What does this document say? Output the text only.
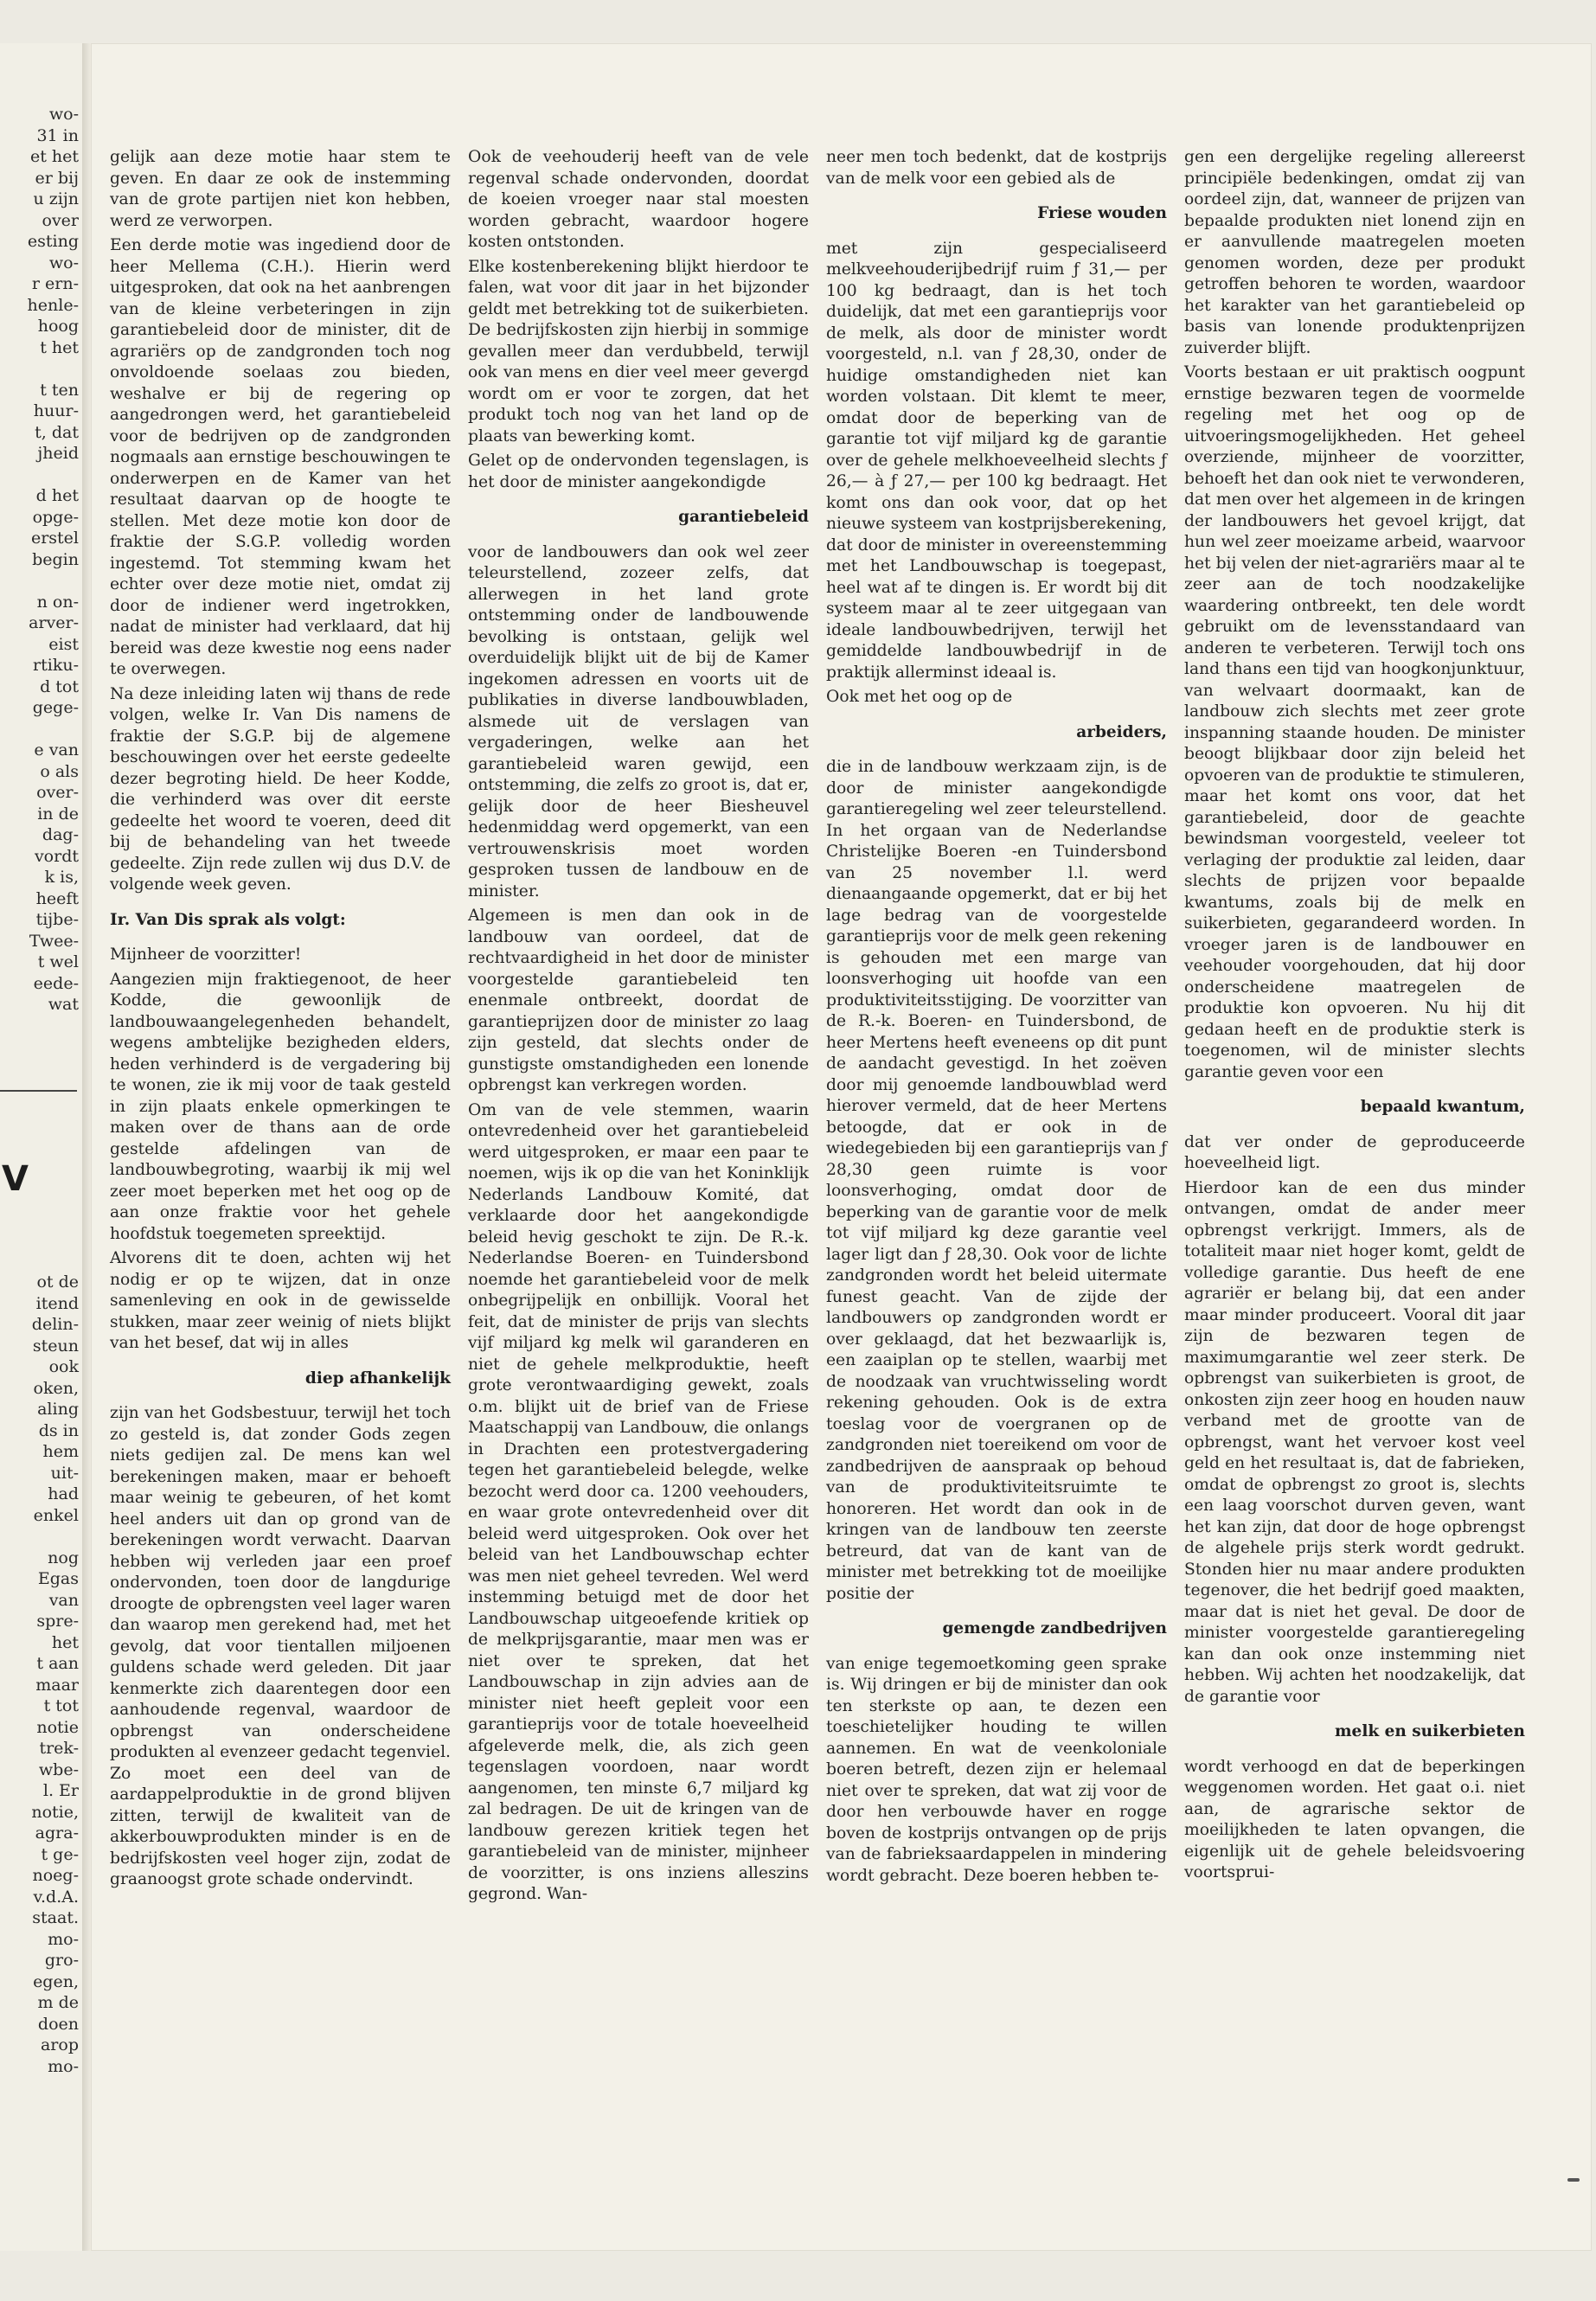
wo-
31 in
et het
er bij
u zijn
over
esting
wo-
r ern-
henle-
hoog
t het
t ten
huur-
t, dat
jheid
d het
opge-
erstel
begin
n on-
arver-
eist
rtiku-
d tot
gege-
e van
o als
over-
in de
dag-
vordt
k is,
heeft
tijbe-
Twee-
t wel
eede-
wat
V
ot de
itend
delin-
steun
ook
oken,
aling
ds in
hem
uit-
had
enkel
nog
Egas
van
spre-
het
t aan
maar
t tot
notie
trek-
wbe-
l. Er
notie,
agra-
t ge-
noeg-
v.d.A.
staat.
mo-
gro-
egen,
m de
doen
arop
mo-

gelijk aan deze motie haar stem te geven. En daar ze ook de instemming van de grote partijen niet kon hebben, werd ze verworpen.

Een derde motie was ingediend door de heer Mellema (C.H.). Hierin werd uitgesproken, dat ook na het aanbrengen van de kleine verbeteringen in zijn garantiebeleid door de minister, dit de agrariërs op de zandgronden toch nog onvoldoende soelaas zou bieden, weshalve er bij de regering op aangedrongen werd, het garantiebeleid voor de bedrijven op de zandgronden nogmaals aan ernstige beschouwingen te onderwerpen en de Kamer van het resultaat daarvan op de hoogte te stellen. Met deze motie kon door de fraktie der S.G.P. volledig worden ingestemd. Tot stemming kwam het echter over deze motie niet, omdat zij door de indiener werd ingetrokken, nadat de minister had verklaard, dat hij bereid was deze kwestie nog eens nader te overwegen.

Na deze inleiding laten wij thans de rede volgen, welke Ir. Van Dis namens de fraktie der S.G.P. bij de algemene beschouwingen over het eerste gedeelte dezer begroting hield. De heer Kodde, die verhinderd was over dit eerste gedeelte het woord te voeren, deed dit bij de behandeling van het tweede gedeelte. Zijn rede zullen wij dus D.V. de volgende week geven.

Ir. Van Dis sprak als volgt:

Mijnheer de voorzitter!

Aangezien mijn fraktiegenoot, de heer Kodde, die gewoonlijk de landbouwaangelegenheden behandelt, wegens ambtelijke bezigheden elders, heden verhinderd is de vergadering bij te wonen, zie ik mij voor de taak gesteld in zijn plaats enkele opmerkingen te maken over de thans aan de orde gestelde afdelingen van de landbouwbegroting, waarbij ik mij wel zeer moet beperken met het oog op de aan onze fraktie voor het gehele hoofdstuk toegemeten spreektijd.

Alvorens dit te doen, achten wij het nodig er op te wijzen, dat in onze samenleving en ook in de gewisselde stukken, maar zeer weinig of niets blijkt van het besef, dat wij in alles

diep afhankelijk

zijn van het Godsbestuur, terwijl het toch zo gesteld is, dat zonder Gods zegen niets gedijen zal. De mens kan wel berekeningen maken, maar er behoeft maar weinig te gebeuren, of het komt heel anders uit dan op grond van de berekeningen wordt verwacht. Daarvan hebben wij verleden jaar een proef ondervonden, toen door de langdurige droogte de opbrengsten veel lager waren dan waarop men gerekend had, met het gevolg, dat voor tientallen miljoenen guldens schade werd geleden. Dit jaar kenmerkte zich daarentegen door een aanhoudende regenval, waardoor de opbrengst van onderscheidene produkten al evenzeer gedacht tegenviel. Zo moet een deel van de aardappelproduktie in de grond blijven zitten, terwijl de kwaliteit van de akkerbouwprodukten minder is en de bedrijfskosten veel hoger zijn, zodat de graanoogst grote schade ondervindt.

Ook de veehouderij heeft van de vele regenval schade ondervonden, doordat de koeien vroeger naar stal moesten worden gebracht, waardoor hogere kosten ontstonden.

Elke kostenberekening blijkt hierdoor te falen, wat voor dit jaar in het bijzonder geldt met betrekking tot de suikerbieten. De bedrijfskosten zijn hierbij in sommige gevallen meer dan verdubbeld, terwijl ook van mens en dier veel meer gevergd wordt om er voor te zorgen, dat het produkt toch nog van het land op de plaats van bewerking komt.

Gelet op de ondervonden tegenslagen, is het door de minister aangekondigde

garantiebeleid

voor de landbouwers dan ook wel zeer teleurstellend, zozeer zelfs, dat allerwegen in het land grote ontstemming onder de landbouwende bevolking is ontstaan, gelijk wel overduidelijk blijkt uit de bij de Kamer ingekomen adressen en voorts uit de publikaties in diverse landbouwbladen, alsmede uit de verslagen van vergaderingen, welke aan het garantiebeleid waren gewijd, een ontstemming, die zelfs zo groot is, dat er, gelijk door de heer Biesheuvel hedenmiddag werd opgemerkt, van een vertrouwenskrisis moet worden gesproken tussen de landbouw en de minister.

Algemeen is men dan ook in de landbouw van oordeel, dat de rechtvaardigheid in het door de minister voorgestelde garantiebeleid ten enenmale ontbreekt, doordat de garantieprijzen door de minister zo laag zijn gesteld, dat slechts onder de gunstigste omstandigheden een lonende opbrengst kan verkregen worden.

Om van de vele stemmen, waarin ontevredenheid over het garantiebeleid werd uitgesproken, er maar een paar te noemen, wijs ik op die van het Koninklijk Nederlands Landbouw Komité, dat verklaarde door het aangekondigde beleid hevig geschokt te zijn. De R.-k. Nederlandse Boeren- en Tuindersbond noemde het garantiebeleid voor de melk onbegrijpelijk en onbillijk. Vooral het feit, dat de minister de prijs van slechts vijf miljard kg melk wil garanderen en niet de gehele melkproduktie, heeft grote verontwaardiging gewekt, zoals o.m. blijkt uit de brief van de Friese Maatschappij van Landbouw, die onlangs in Drachten een protestvergadering tegen het garantiebeleid belegde, welke bezocht werd door ca. 1200 veehouders, en waar grote ontevredenheid over dit beleid werd uitgesproken. Ook over het beleid van het Landbouwschap echter was men niet geheel tevreden. Wel werd instemming betuigd met de door het Landbouwschap uitgeoefende kritiek op de melkprijsgarantie, maar men was er niet over te spreken, dat het Landbouwschap in zijn advies aan de minister niet heeft gepleit voor een garantieprijs voor de totale hoeveelheid afgeleverde melk, die, als zich geen tegenslagen voordoen, naar wordt aangenomen, ten minste 6,7 miljard kg zal bedragen. De uit de kringen van de landbouw gerezen kritiek tegen het garantiebeleid van de minister, mijnheer de voorzitter, is ons inziens alleszins gegrond. Wan-

neer men toch bedenkt, dat de kostprijs van de melk voor een gebied als de

Friese wouden

met zijn gespecialiseerd melkveehouderijbedrijf ruim ƒ 31,— per 100 kg bedraagt, dan is het toch duidelijk, dat met een garantieprijs voor de melk, als door de minister wordt voorgesteld, n.l. van ƒ 28,30, onder de huidige omstandigheden niet kan worden volstaan. Dit klemt te meer, omdat door de beperking van de garantie tot vijf miljard kg de garantie over de gehele melkhoeveelheid slechts ƒ 26,— à ƒ 27,— per 100 kg bedraagt. Het komt ons dan ook voor, dat op het nieuwe systeem van kostprijsberekening, dat door de minister in overeenstemming met het Landbouwschap is toegepast, heel wat af te dingen is. Er wordt bij dit systeem maar al te zeer uitgegaan van ideale landbouwbedrijven, terwijl het gemiddelde landbouwbedrijf in de praktijk allerminst ideaal is.

Ook met het oog op de

arbeiders,

die in de landbouw werkzaam zijn, is de door de minister aangekondigde garantieregeling wel zeer teleurstellend. In het orgaan van de Nederlandse Christelijke Boeren -en Tuindersbond van 25 november l.l. werd dienaangaande opgemerkt, dat er bij het lage bedrag van de voorgestelde garantieprijs voor de melk geen rekening is gehouden met een marge van loonsverhoging uit hoofde van een produktiviteitsstijging. De voorzitter van de R.-k. Boeren- en Tuindersbond, de heer Mertens heeft eveneens op dit punt de aandacht gevestigd. In het zoëven door mij genoemde landbouwblad werd hierover vermeld, dat de heer Mertens betoogde, dat er ook in de wiedegebieden bij een garantieprijs van ƒ 28,30 geen ruimte is voor loonsverhoging, omdat door de beperking van de garantie voor de melk tot vijf miljard kg deze garantie veel lager ligt dan ƒ 28,30. Ook voor de lichte zandgronden wordt het beleid uitermate funest geacht. Van de zijde der landbouwers op zandgronden wordt er over geklaagd, dat het bezwaarlijk is, een zaaiplan op te stellen, waarbij met de noodzaak van vruchtwisseling wordt rekening gehouden. Ook is de extra toeslag voor de voergranen op de zandgronden niet toereikend om voor de zandbedrijven de aanspraak op behoud van de produktiviteitsruimte te honoreren. Het wordt dan ook in de kringen van de landbouw ten zeerste betreurd, dat van de kant van de minister met betrekking tot de moeilijke positie der

gemengde zandbedrijven

van enige tegemoetkoming geen sprake is. Wij dringen er bij de minister dan ook ten sterkste op aan, te dezen een toeschietelijker houding te willen aannemen. En wat de veenkoloniale boeren betreft, dezen zijn er helemaal niet over te spreken, dat wat zij voor de door hen verbouwde haver en rogge boven de kostprijs ontvangen op de prijs van de fabrieksaardappelen in mindering wordt gebracht. Deze boeren hebben te-

gen een dergelijke regeling allereerst principiële bedenkingen, omdat zij van oordeel zijn, dat, wanneer de prijzen van bepaalde produkten niet lonend zijn en er aanvullende maatregelen moeten genomen worden, deze per produkt getroffen behoren te worden, waardoor het karakter van het garantiebeleid op basis van lonende produktenprijzen zuiverder blijft.

Voorts bestaan er uit praktisch oogpunt ernstige bezwaren tegen de voormelde regeling met het oog op de uitvoeringsmogelijkheden. Het geheel overziende, mijnheer de voorzitter, behoeft het dan ook niet te verwonderen, dat men over het algemeen in de kringen der landbouwers het gevoel krijgt, dat hun wel zeer moeizame arbeid, waarvoor het bij velen der niet-agrariërs maar al te zeer aan de toch noodzakelijke waardering ontbreekt, ten dele wordt gebruikt om de levensstandaard van anderen te verbeteren. Terwijl toch ons land thans een tijd van hoogkonjunktuur, van welvaart doormaakt, kan de landbouw zich slechts met zeer grote inspanning staande houden. De minister beoogt blijkbaar door zijn beleid het opvoeren van de produktie te stimuleren, maar het komt ons voor, dat het garantiebeleid, door de geachte bewindsman voorgesteld, veeleer tot verlaging der produktie zal leiden, daar slechts de prijzen voor bepaalde kwantums, zoals bij de melk en suikerbieten, gegarandeerd worden. In vroeger jaren is de landbouwer en veehouder voorgehouden, dat hij door onderscheidene maatregelen de produktie kon opvoeren. Nu hij dit gedaan heeft en de produktie sterk is toegenomen, wil de minister slechts garantie geven voor een

bepaald kwantum,

dat ver onder de geproduceerde hoeveelheid ligt.

Hierdoor kan de een dus minder ontvangen, omdat de ander meer opbrengst verkrijgt. Immers, als de totaliteit maar niet hoger komt, geldt de volledige garantie. Dus heeft de ene agrariër er belang bij, dat een ander maar minder produceert. Vooral dit jaar zijn de bezwaren tegen de maximumgarantie wel zeer sterk. De opbrengst van suikerbieten is groot, de onkosten zijn zeer hoog en houden nauw verband met de grootte van de opbrengst, want het vervoer kost veel geld en het resultaat is, dat de fabrieken, omdat de opbrengst zo groot is, slechts een laag voorschot durven geven, want het kan zijn, dat door de hoge opbrengst de algehele prijs sterk wordt gedrukt. Stonden hier nu maar andere produkten tegenover, die het bedrijf goed maakten, maar dat is niet het geval. De door de minister voorgestelde garantieregeling kan dan ook onze instemming niet hebben. Wij achten het noodzakelijk, dat de garantie voor

melk en suikerbieten

wordt verhoogd en dat de beperkingen weggenomen worden. Het gaat o.i. niet aan, de agrarische sektor de moeilijkheden te laten opvangen, die eigenlijk uit de gehele beleidsvoering voortsprui-
